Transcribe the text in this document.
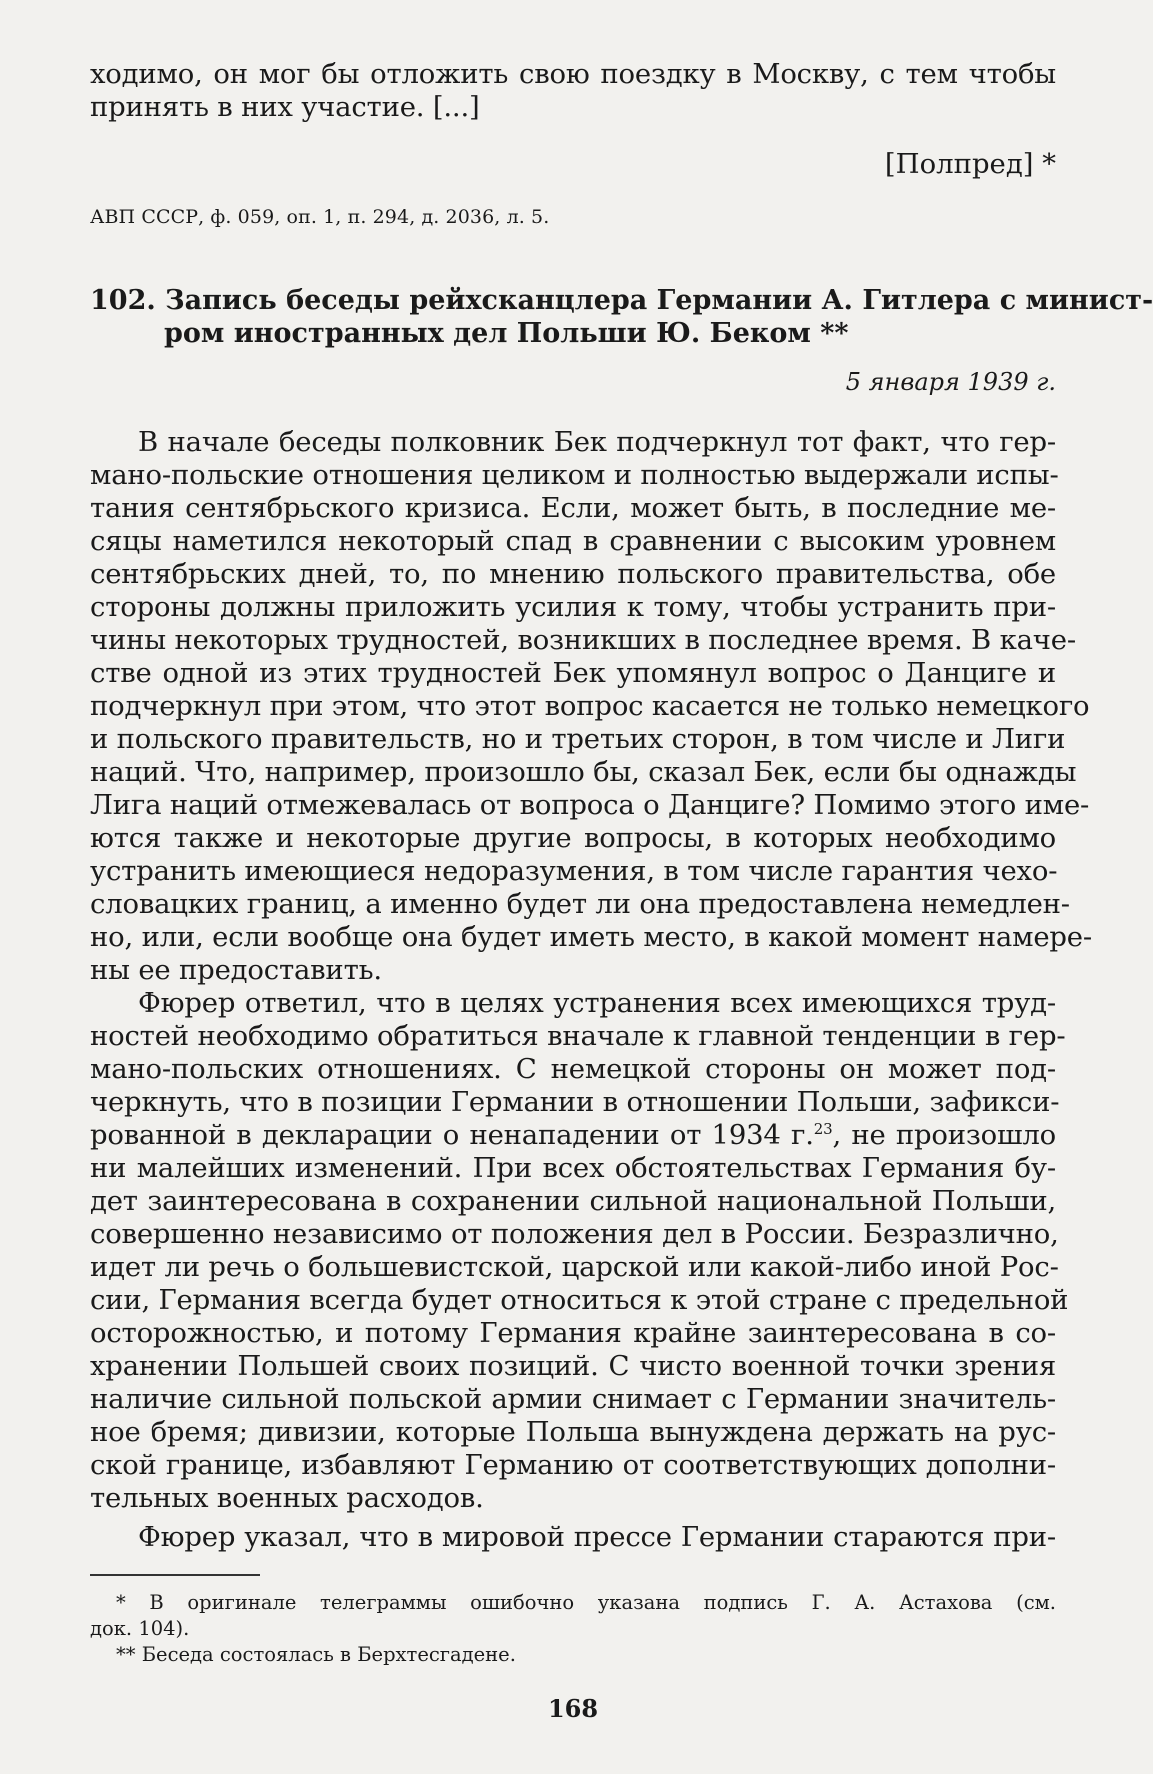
ходимо, он мог бы отложить свою поездку в Москву, с тем чтобы
принять в них участие. [...]
[Полпред] *
АВП СССР, ф. 059, оп. 1, п. 294, д. 2036, л. 5.
102. Запись беседы рейхсканцлера Германии А. Гитлера с минист-
ром иностранных дел Польши Ю. Беком **
5 января 1939 г.
В начале беседы полковник Бек подчеркнул тот факт, что гер-
мано-польские отношения целиком и полностью выдержали испы-
тания сентябрьского кризиса. Если, может быть, в последние ме-
сяцы наметился некоторый спад в сравнении с высоким уровнем
сентябрьских дней, то, по мнению польского правительства, обе
стороны должны приложить усилия к тому, чтобы устранить при-
чины некоторых трудностей, возникших в последнее время. В каче-
стве одной из этих трудностей Бек упомянул вопрос о Данциге и
подчеркнул при этом, что этот вопрос касается не только немецкого
и польского правительств, но и третьих сторон, в том числе и Лиги
наций. Что, например, произошло бы, сказал Бек, если бы однажды
Лига наций отмежевалась от вопроса о Данциге? Помимо этого име-
ются также и некоторые другие вопросы, в которых необходимо
устранить имеющиеся недоразумения, в том числе гарантия чехо-
словацких границ, а именно будет ли она предоставлена немедлен-
но, или, если вообще она будет иметь место, в какой момент намере-
ны ее предоставить.
Фюрер ответил, что в целях устранения всех имеющихся труд-
ностей необходимо обратиться вначале к главной тенденции в гер-
мано-польских отношениях. С немецкой стороны он может под-
черкнуть, что в позиции Германии в отношении Польши, зафикси-
рованной в декларации о ненападении от 1934 г.$^{23}$, не произошло
ни малейших изменений. При всех обстоятельствах Германия бу-
дет заинтересована в сохранении сильной национальной Польши,
совершенно независимо от положения дел в России. Безразлично,
идет ли речь о большевистской, царской или какой-либо иной Рос-
сии, Германия всегда будет относиться к этой стране с предельной
осторожностью, и потому Германия крайне заинтересована в со-
хранении Польшей своих позиций. С чисто военной точки зрения
наличие сильной польской армии снимает с Германии значитель-
ное бремя; дивизии, которые Польша вынуждена держать на рус-
ской границе, избавляют Германию от соответствующих дополни-
тельных военных расходов.
Фюрер указал, что в мировой прессе Германии стараются при-
* В оригинале телеграммы ошибочно указана подпись Г. А. Астахова (см.
док. 104).
** Беседа состоялась в Берхтесгадене.
168
